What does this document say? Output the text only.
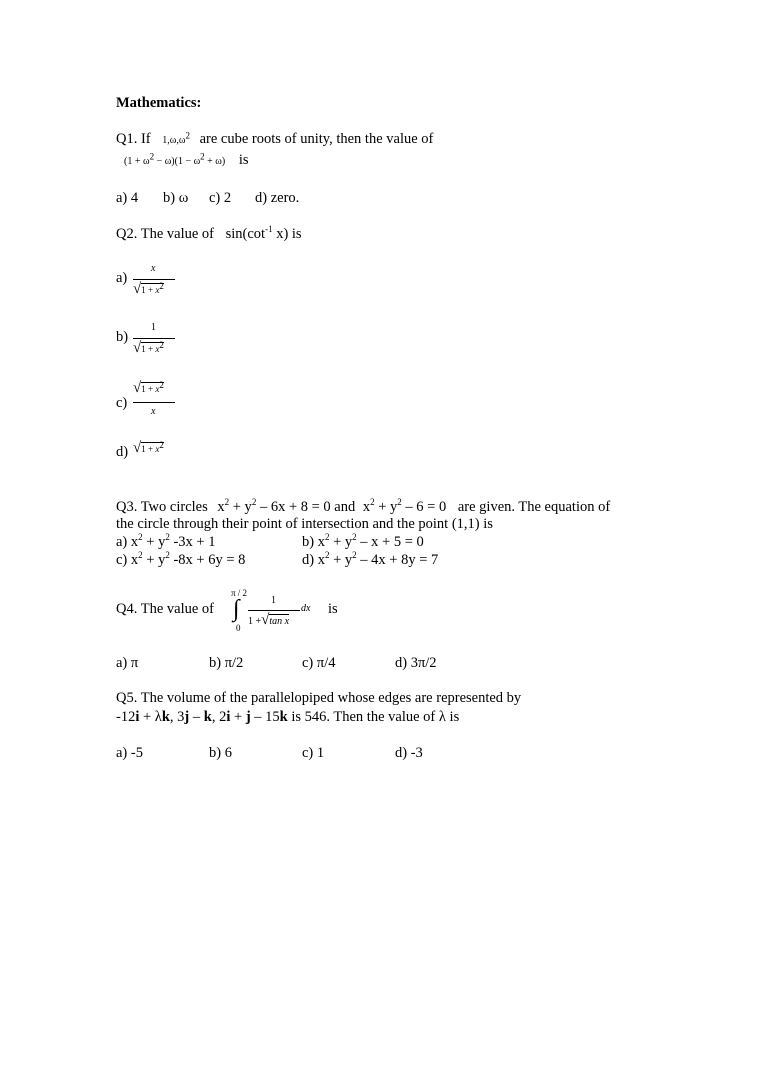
Mathematics:
Q1. If $1,\omega,\omega^2$ are cube roots of unity, then the value of
$(1 + \omega^2 - \omega)(1 - \omega^2 + \omega)$ is
a) 4 b) ω c) 2 d) zero.
Q2. The value of $\sin(\cot^{-1}$ x) is
a)
x
$√1 + x^2$
b)
1
$√1 + x^2$
c)
$√1 + x^2$
x
d) $√1 + x^2$
Q3. Two circles $x^2 + y^2 - 6x + 8 = 0$ and $x^2 + y^2 - 6 = 0$ are given. The equation of
the circle through their point of intersection and the point (1,1) is
a) $x^2 + y^2$ -3x + 1	b) $x^2 + y^2 - x + 5 = 0$
c) $x^2 + y^2$ -8x + 6y = 8	d) $x^2 + y^2 - 4x + 8y = 7$
Q4. The value of
π / 2
∫
0
1
1 +√tan x
dx is
a) π	b) π/2	c) π/4	d) 3π/2
Q5. The volume of the parallelopiped whose edges are represented by
-12i + λk, 3j – k, 2i + j – 15k is 546. Then the value of λ is
a) -5	b) 6	c) 1	d) -3
